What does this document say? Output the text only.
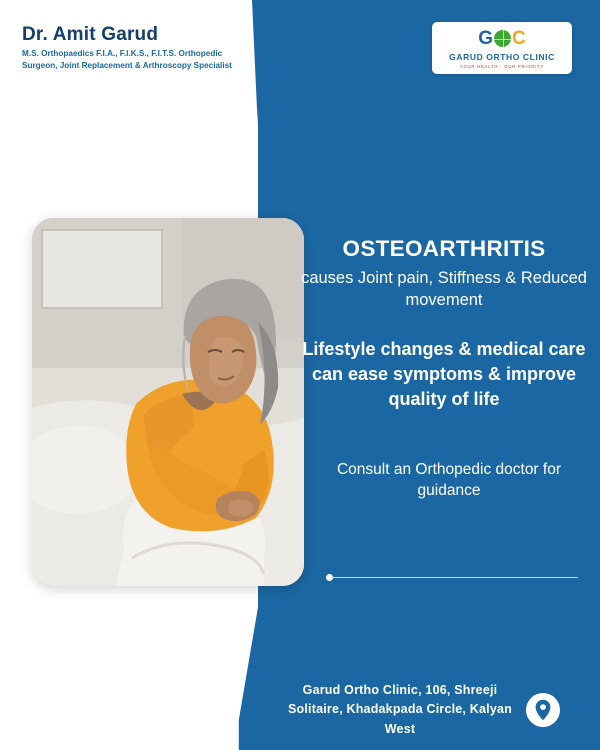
Dr. Amit Garud
M.S. Orthopaedics F.I.A., F.I.K.S., F.I.T.S. Orthopedic Surgeon, Joint Replacement & Arthroscopy Specialist
G C
GARUD ORTHO CLINIC
YOUR HEALTH · OUR PRIORITY
OSTEOARTHRITIS
causes Joint pain, Stiffness & Reduced movement
Lifestyle changes & medical care can ease symptoms & improve quality of life
Consult an Orthopedic doctor for guidance
Garud Ortho Clinic, 106, Shreeji Solitaire, Khadakpada Circle, Kalyan West
